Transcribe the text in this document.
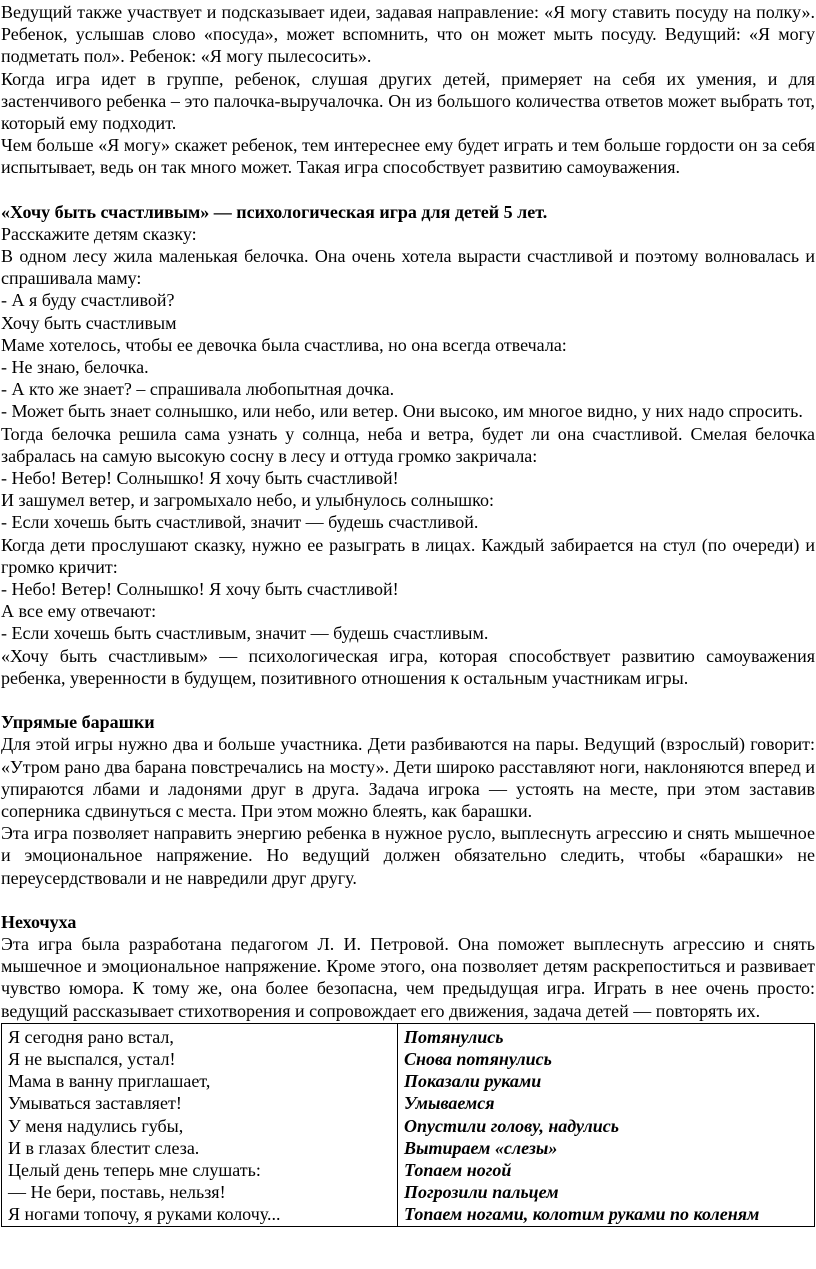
Ведущий также участвует и подсказывает идеи, задавая направление: «Я могу ставить посуду на полку». Ребенок, услышав слово «посуда», может вспомнить, что он может мыть посуду. Ведущий: «Я могу подметать пол». Ребенок: «Я могу пылесосить».

Когда игра идет в группе, ребенок, слушая других детей, примеряет на себя их умения, и для застенчивого ребенка – это палочка-выручалочка. Он из большого количества ответов может выбрать тот, который ему подходит.

Чем больше «Я могу» скажет ребенок, тем интереснее ему будет играть и тем больше гордости он за себя испытывает, ведь он так много может. Такая игра способствует развитию самоуважения.

«Хочу быть счастливым» — психологическая игра для детей 5 лет.

Расскажите детям сказку:

В одном лесу жила маленькая белочка. Она очень хотела вырасти счастливой и поэтому волновалась и спрашивала маму:

- А я буду счастливой?

Хочу быть счастливым

Маме хотелось, чтобы ее девочка была счастлива, но она всегда отвечала:

- Не знаю, белочка.

- А кто же знает? – спрашивала любопытная дочка.

- Может быть знает солнышко, или небо, или ветер. Они высоко, им многое видно, у них надо спросить.

Тогда белочка решила сама узнать у солнца, неба и ветра, будет ли она счастливой. Смелая белочка забралась на самую высокую сосну в лесу и оттуда громко закричала:

- Небо! Ветер! Солнышко! Я хочу быть счастливой!

И зашумел ветер, и загромыхало небо, и улыбнулось солнышко:

- Если хочешь быть счастливой, значит — будешь счастливой.

Когда дети прослушают сказку, нужно ее разыграть в лицах. Каждый забирается на стул (по очереди) и громко кричит:

- Небо! Ветер! Солнышко! Я хочу быть счастливой!

А все ему отвечают:

- Если хочешь быть счастливым, значит — будешь счастливым.

«Хочу быть счастливым» — психологическая игра, которая способствует развитию самоуважения ребенка, уверенности в будущем, позитивного отношения к остальным участникам игры.

Упрямые барашки

Для этой игры нужно два и больше участника. Дети разбиваются на пары. Ведущий (взрослый) говорит: «Утром рано два барана повстречались на мосту». Дети широко расставляют ноги, наклоняются вперед и упираются лбами и ладонями друг в друга. Задача игрока — устоять на месте, при этом заставив соперника сдвинуться с места. При этом можно блеять, как барашки.

Эта игра позволяет направить энергию ребенка в нужное русло, выплеснуть агрессию и снять мышечное и эмоциональное напряжение. Но ведущий должен обязательно следить, чтобы «барашки» не переусердствовали и не навредили друг другу.

Нехочуха

Эта игра была разработана педагогом Л. И. Петровой. Она поможет выплеснуть агрессию и снять мышечное и эмоциональное напряжение. Кроме этого, она позволяет детям раскрепоститься и развивает чувство юмора. К тому же, она более безопасна, чем предыдущая игра. Играть в нее очень просто: ведущий рассказывает стихотворения и сопровождает его движения, задача детей — повторять их.

Я сегодня рано встал,
Я не выспался, устал!
Мама в ванну приглашает,
Умываться заставляет!
У меня надулись губы,
И в глазах блестит слеза.
Целый день теперь мне слушать:
— Не бери, поставь, нельзя!
Я ногами топочу, я руками колочу...

Потянулись
Снова потянулись
Показали руками
Умываемся
Опустили голову, надулись
Вытираем «слезы»
Топаем ногой
Погрозили пальцем
Топаем ногами, колотим руками по коленям
